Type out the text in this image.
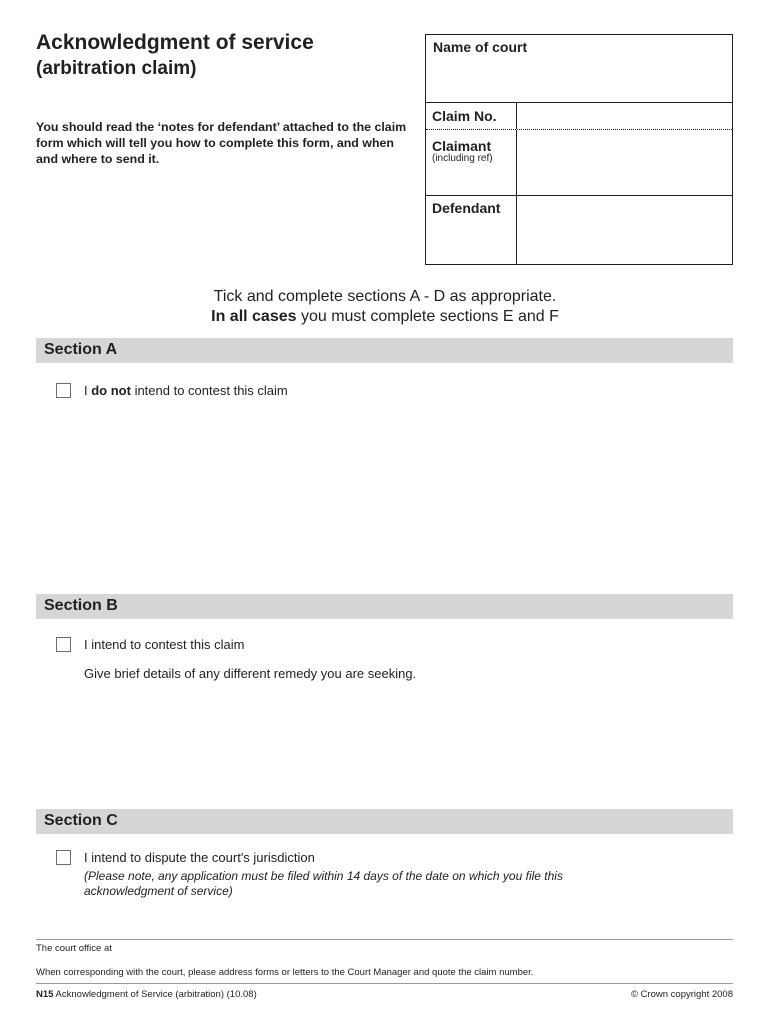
Acknowledgment of service
(arbitration claim)
You should read the ‘notes for defendant’ attached to the claim form which will tell you how to complete this form, and when and where to send it.
Name of court
Claim No.
Claimant
(including ref)
Defendant
Tick and complete sections A - D as appropriate.
In all cases you must complete sections E and F
Section A
I do not intend to contest this claim
Section B
I intend to contest this claim
Give brief details of any different remedy you are seeking.
Section C
I intend to dispute the court's jurisdiction
(Please note, any application must be filed within 14 days of the date on which you file this acknowledgment of service)
The court office at
When corresponding with the court, please address forms or letters to the Court Manager and quote the claim number.
N15 Acknowledgment of Service (arbitration) (10.08)	© Crown copyright 2008
